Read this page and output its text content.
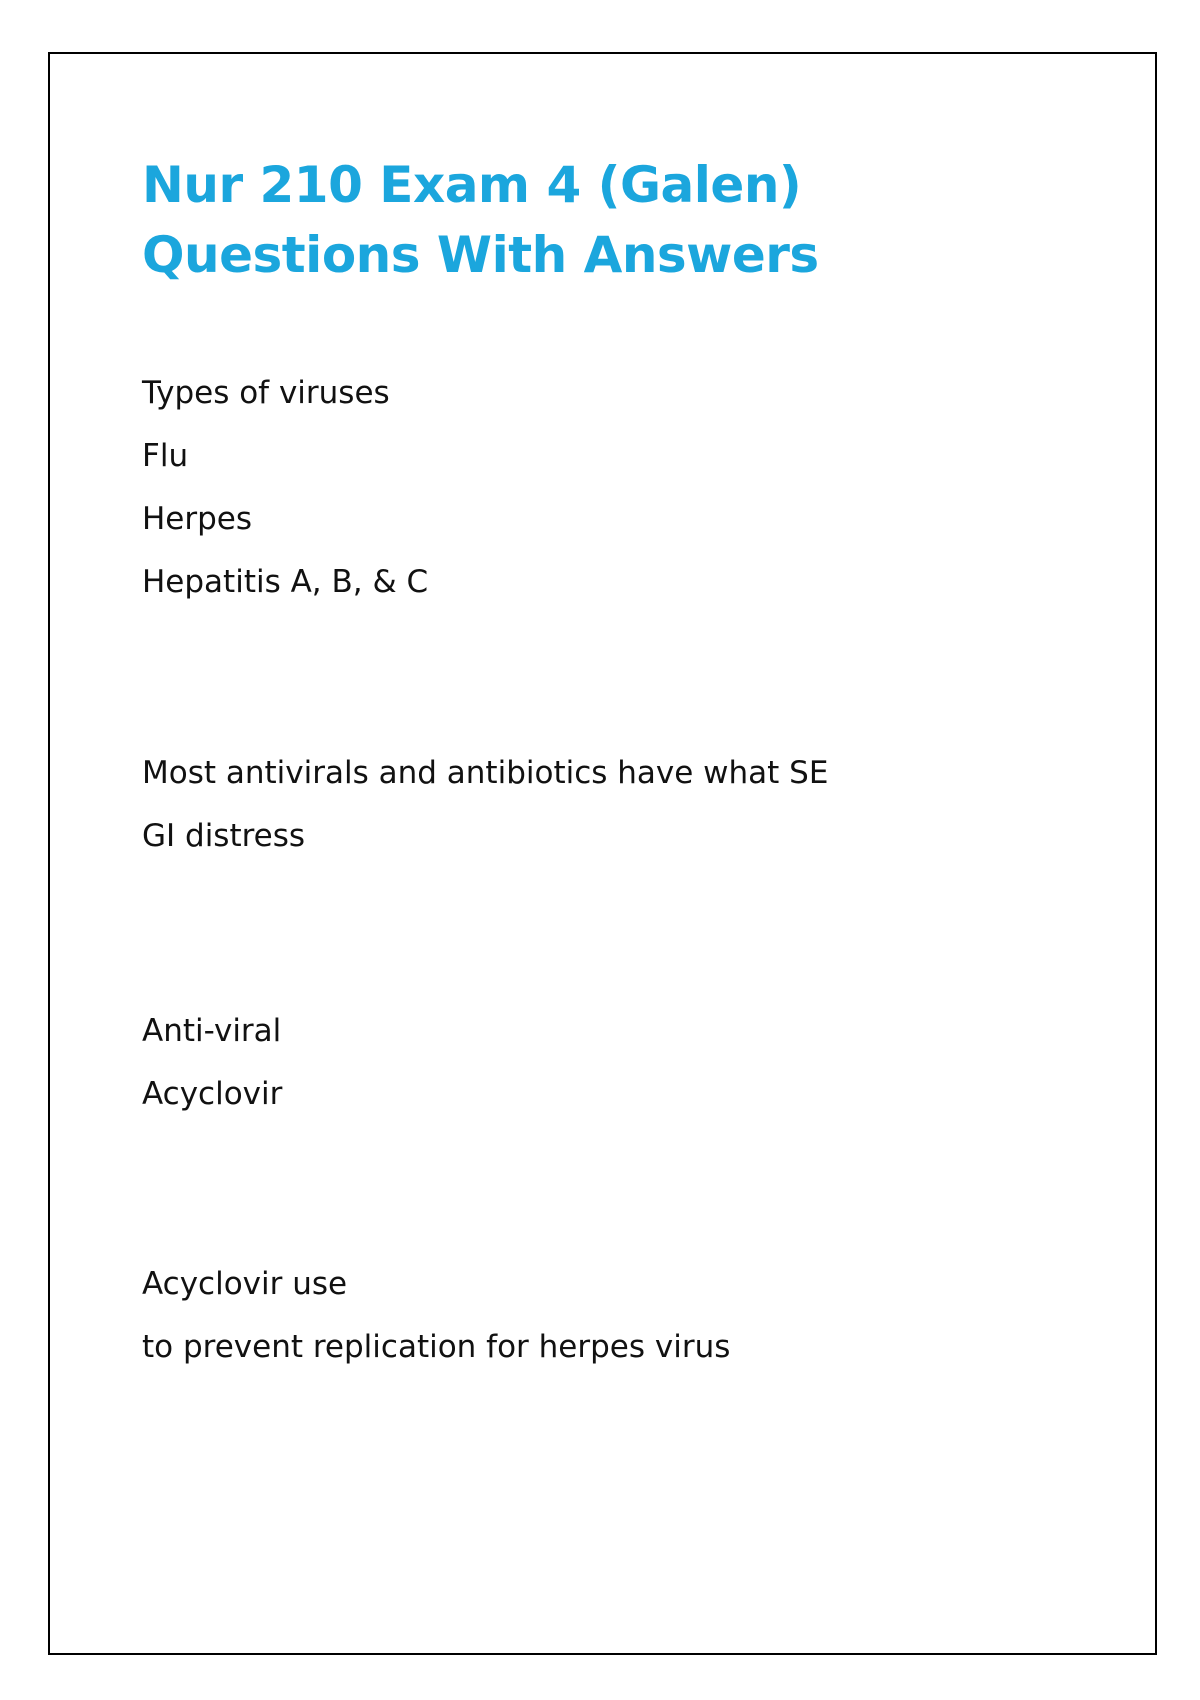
Nur 210 Exam 4 (Galen) Questions With Answers
Types of viruses
Flu
Herpes
Hepatitis A, B, & C
Most antivirals and antibiotics have what SE
GI distress
Anti-viral
Acyclovir
Acyclovir use
to prevent replication for herpes virus
